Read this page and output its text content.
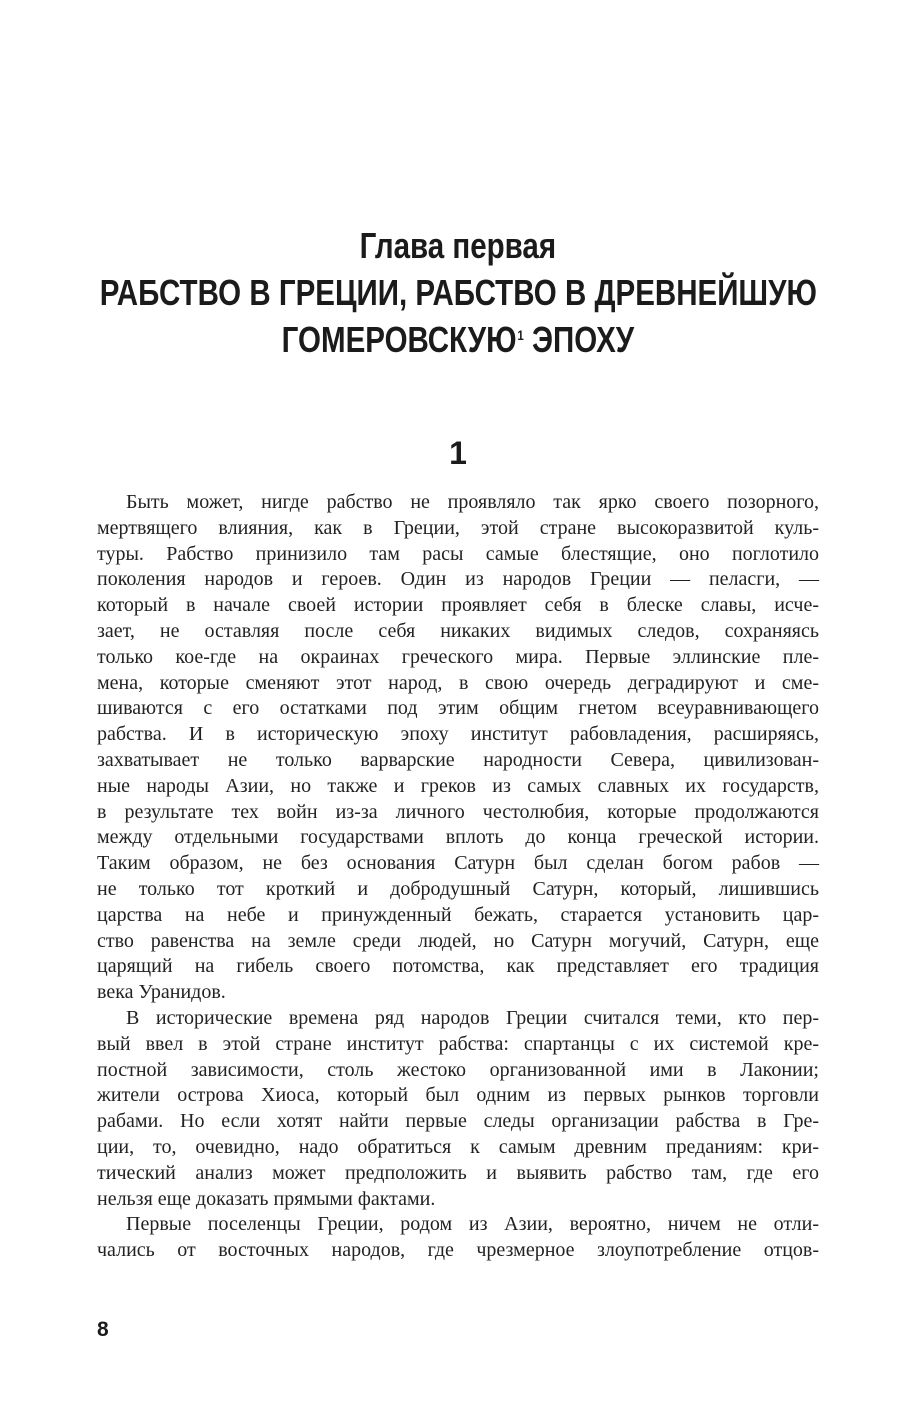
Глава первая
РАБСТВО В ГРЕЦИИ, РАБСТВО В ДРЕВНЕЙШУЮ
ГОМЕРОВСКУЮ$^1$ ЭПОХУ
1
Быть может, нигде рабство не проявляло так ярко своего позорного,
мертвящего влияния, как в Греции, этой стране высокоразвитой куль-
туры. Рабство принизило там расы самые блестящие, оно поглотило
поколения народов и героев. Один из народов Греции — пеласги, —
который в начале своей истории проявляет себя в блеске славы, исче-
зает, не оставляя после себя никаких видимых следов, сохраняясь
только кое-где на окраинах греческого мира. Первые эллинские пле-
мена, которые сменяют этот народ, в свою очередь деградируют и сме-
шиваются с его остатками под этим общим гнетом всеуравнивающего
рабства. И в историческую эпоху институт рабовладения, расширяясь,
захватывает не только варварские народности Севера, цивилизован-
ные народы Азии, но также и греков из самых славных их государств,
в результате тех войн из-за личного честолюбия, которые продолжаются
между отдельными государствами вплоть до конца греческой истории.
Таким образом, не без основания Сатурн был сделан богом рабов —
не только тот кроткий и добродушный Сатурн, который, лишившись
царства на небе и принужденный бежать, старается установить цар-
ство равенства на земле среди людей, но Сатурн могучий, Сатурн, еще
царящий на гибель своего потомства, как представляет его традиция
века Уранидов.
В исторические времена ряд народов Греции считался теми, кто пер-
вый ввел в этой стране институт рабства: спартанцы с их системой кре-
постной зависимости, столь жестоко организованной ими в Лаконии;
жители острова Хиоса, который был одним из первых рынков торговли
рабами. Но если хотят найти первые следы организации рабства в Гре-
ции, то, очевидно, надо обратиться к самым древним преданиям: кри-
тический анализ может предположить и выявить рабство там, где его
нельзя еще доказать прямыми фактами.
Первые поселенцы Греции, родом из Азии, вероятно, ничем не отли-
чались от восточных народов, где чрезмерное злоупотребление отцов-
8
